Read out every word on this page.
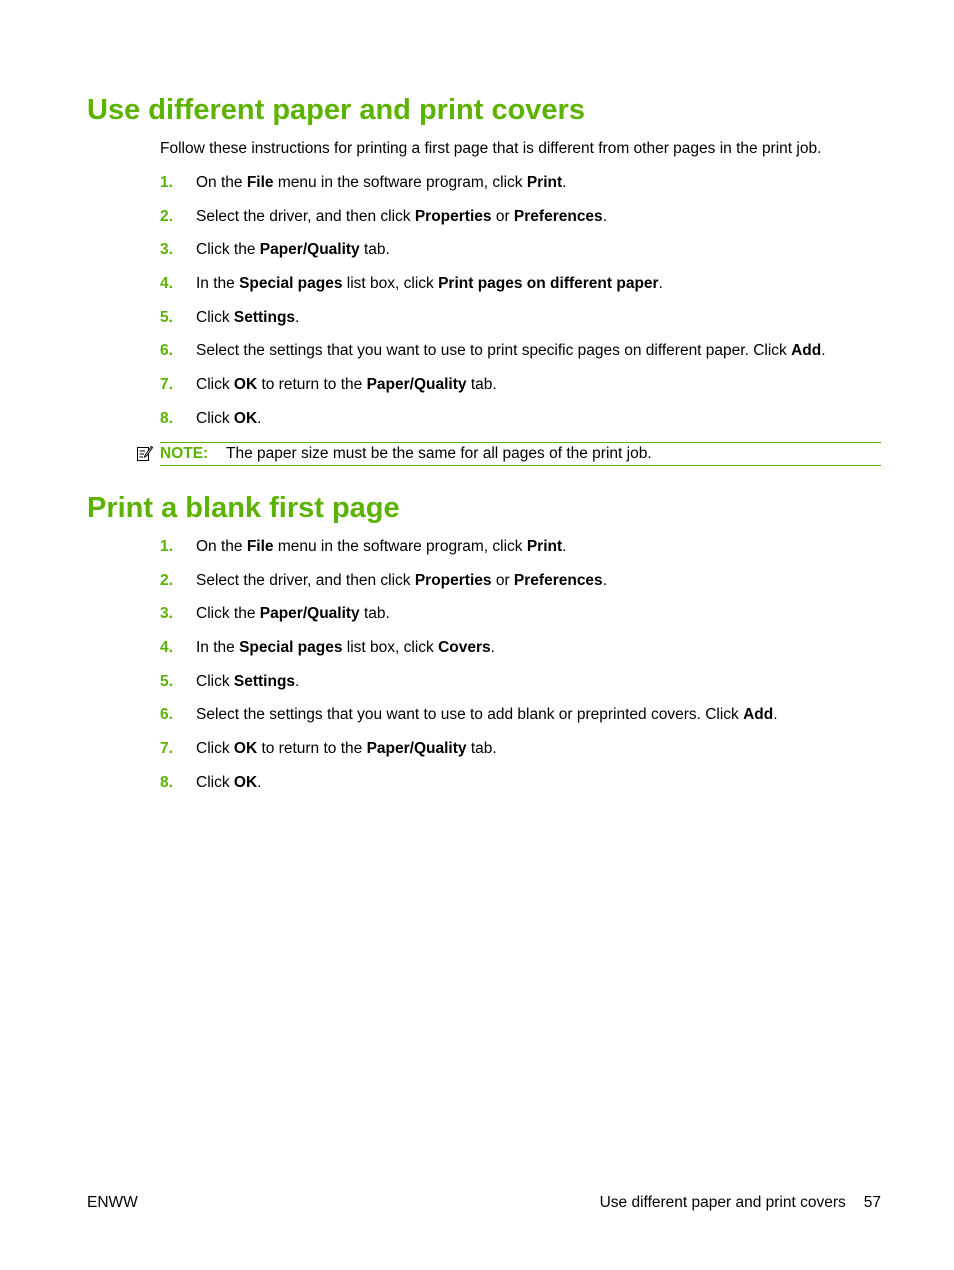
Use different paper and print covers

Follow these instructions for printing a first page that is different from other pages in the print job.

1. On the File menu in the software program, click Print.
2. Select the driver, and then click Properties or Preferences.
3. Click the Paper/Quality tab.
4. In the Special pages list box, click Print pages on different paper.
5. Click Settings.
6. Select the settings that you want to use to print specific pages on different paper. Click Add.
7. Click OK to return to the Paper/Quality tab.
8. Click OK.
NOTE: The paper size must be the same for all pages of the print job.
Print a blank first page
1. On the File menu in the software program, click Print.
2. Select the driver, and then click Properties or Preferences.
3. Click the Paper/Quality tab.
4. In the Special pages list box, click Covers.
5. Click Settings.
6. Select the settings that you want to use to add blank or preprinted covers. Click Add.
7. Click OK to return to the Paper/Quality tab.
8. Click OK.
ENWW	Use different paper and print covers 57
